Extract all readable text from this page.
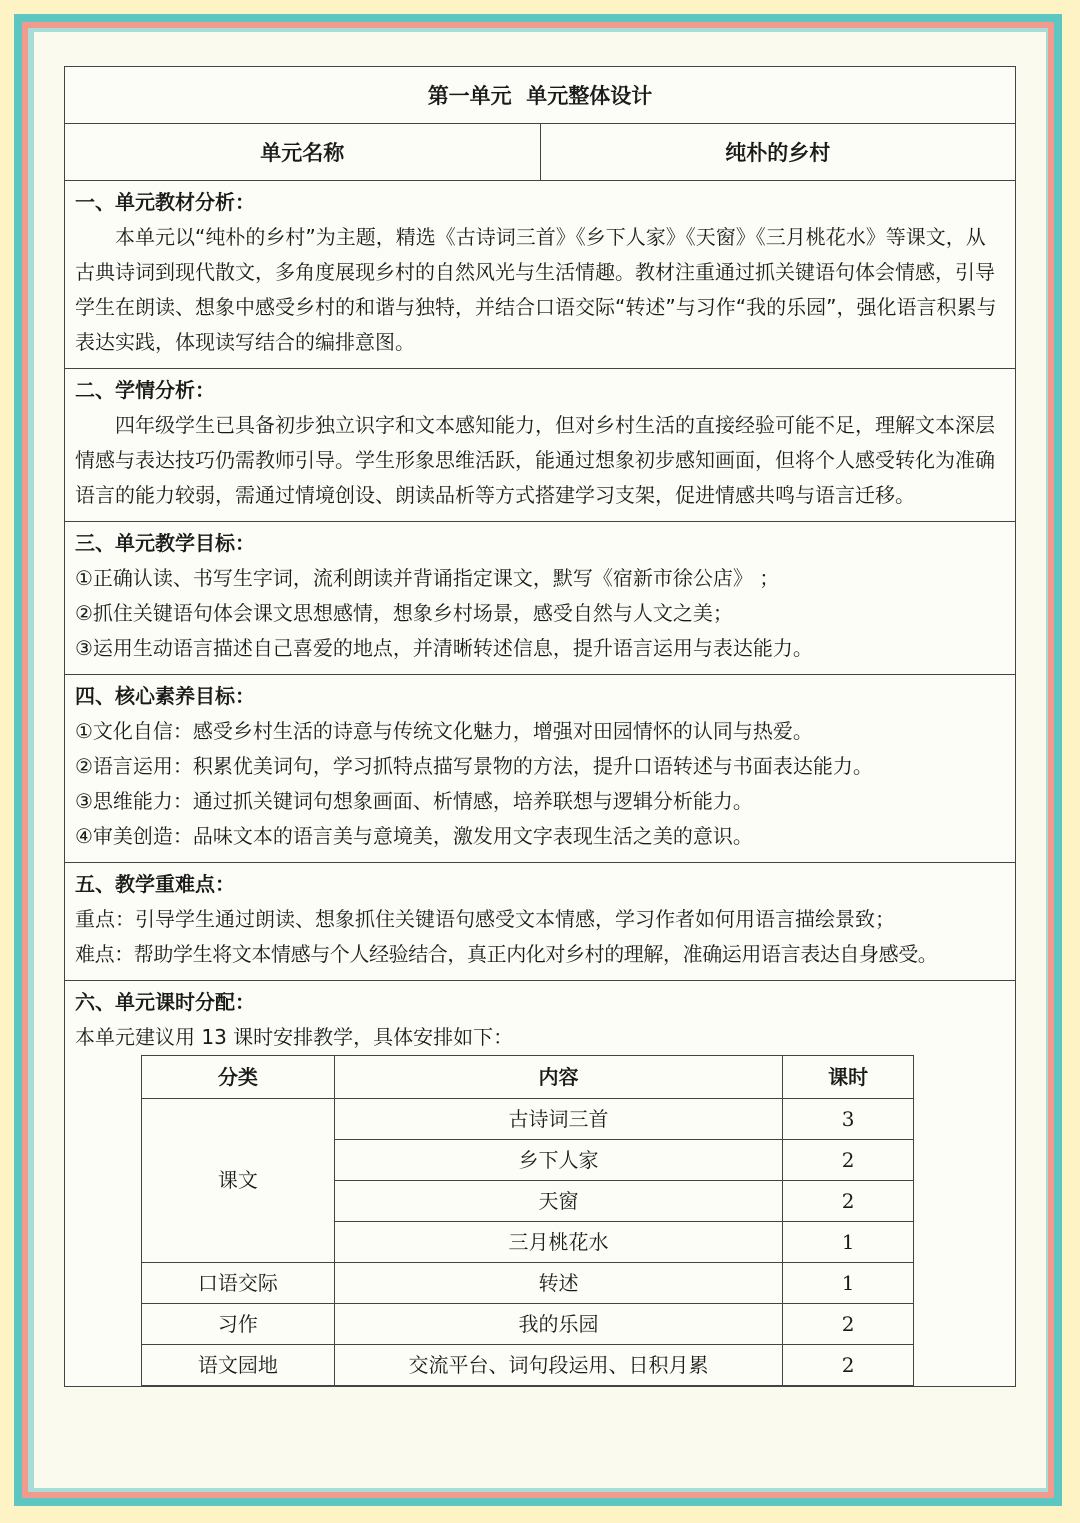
第一单元  单元整体设计
单元名称	纯朴的乡村
一、单元教材分析：

本单元以“纯朴的乡村”为主题，精选《古诗词三首》《乡下人家》《天窗》《三月桃花水》等课文，从古典诗词到现代散文，多角度展现乡村的自然风光与生活情趣。教材注重通过抓关键语句体会情感，引导学生在朗读、想象中感受乡村的和谐与独特，并结合口语交际“转述”与习作“我的乐园”，强化语言积累与表达实践，体现读写结合的编排意图。

二、学情分析：

四年级学生已具备初步独立识字和文本感知能力，但对乡村生活的直接经验可能不足，理解文本深层情感与表达技巧仍需教师引导。学生形象思维活跃，能通过想象初步感知画面，但将个人感受转化为准确语言的能力较弱，需通过情境创设、朗读品析等方式搭建学习支架，促进情感共鸣与语言迁移。

三、单元教学目标：

①正确认读、书写生字词，流利朗读并背诵指定课文，默写《宿新市徐公店》 ；

②抓住关键语句体会课文思想感情，想象乡村场景，感受自然与人文之美；

③运用生动语言描述自己喜爱的地点，并清晰转述信息，提升语言运用与表达能力。

四、核心素养目标：

①文化自信：感受乡村生活的诗意与传统文化魅力，增强对田园情怀的认同与热爱。

②语言运用：积累优美词句，学习抓特点描写景物的方法，提升口语转述与书面表达能力。

③思维能力：通过抓关键词句想象画面、析情感，培养联想与逻辑分析能力。

④审美创造：品味文本的语言美与意境美，激发用文字表现生活之美的意识。

五、教学重难点：

重点：引导学生通过朗读、想象抓住关键语句感受文本情感，学习作者如何用语言描绘景致；

难点：帮助学生将文本情感与个人经验结合，真正内化对乡村的理解，准确运用语言表达自身感受。

六、单元课时分配：

本单元建议用 13 课时安排教学，具体安排如下：

分类	内容	课时
课文	古诗词三首	3
	乡下人家	2
	天窗	2
	三月桃花水	1
口语交际	转述	1
习作	我的乐园	2
语文园地	交流平台、词句段运用、日积月累	2
